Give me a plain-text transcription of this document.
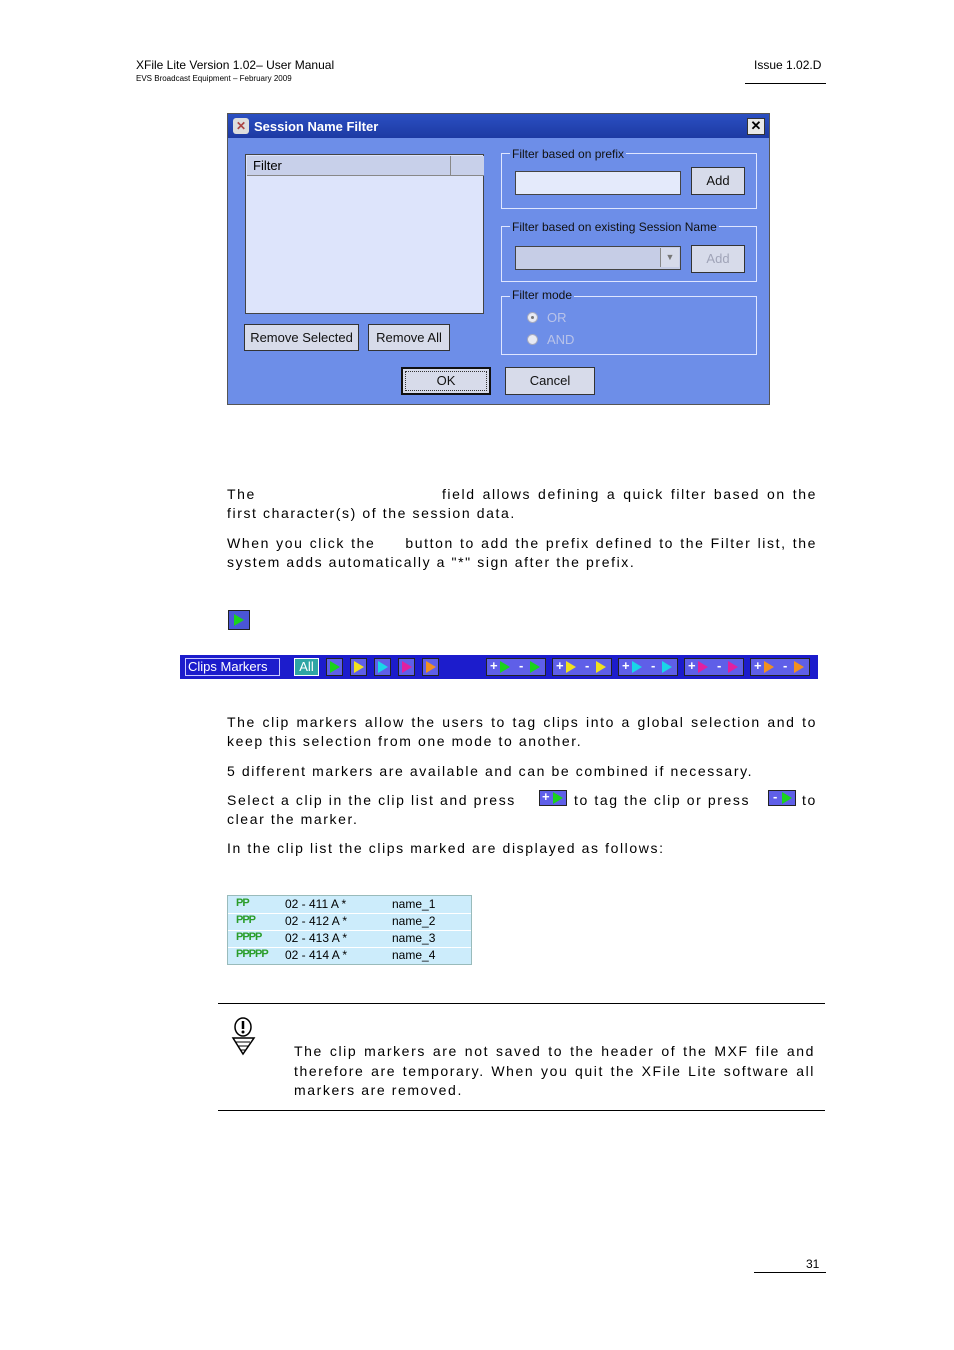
XFile Lite Version 1.02– User Manual
EVS Broadcast Equipment – February 2009
Issue 1.02.D
✕ Session Name Filter	✕
Filter
Remove Selected	Remove All
Filter based on prefix
Add
Filter based on existing Session Name
▼	Add
Filter mode
OR
AND
OK	Cancel
The	field allows defining a quick filter based on the first character(s) of the session data.
When you click the button to add the prefix defined to the Filter list, the system adds automatically a "*" sign after the prefix.
Clips Markers	All	+ -	+ -	+ -	+ -	+ -
The clip markers allow the users to tag clips into a global selection and to keep this selection from one mode to another.
5 different markers are available and can be combined if necessary.
Select a clip in the clip list and press	to tag the clip or press	to
+	-
clear the marker.
In the clip list the clips marked are displayed as follows:
PP	02 - 411 A *	name_1
PPP 02 - 412 A *	name_2
PPPP 02 - 413 A *	name_3
PPPPP 02 - 414 A *	name_4
The clip markers are not saved to the header of the MXF file and therefore are temporary. When you quit the XFile Lite software all markers are removed.
31
